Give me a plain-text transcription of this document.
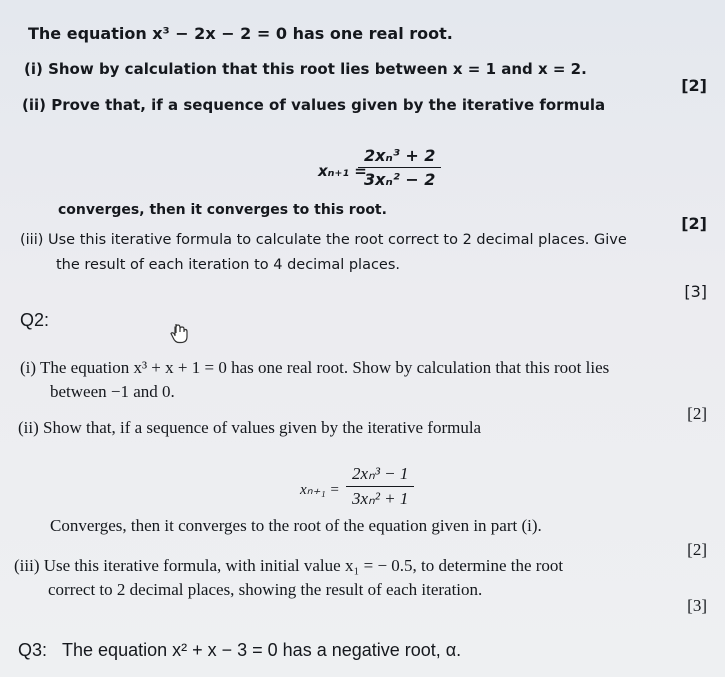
The equation x³ − 2x − 2 = 0 has one real root.
(i) Show by calculation that this root lies between x = 1 and x = 2.
[2]
(ii) Prove that, if a sequence of values given by the iterative formula
xₙ₊₁ =
$\frac{\text{2xₙ³ + 2}}{\text{3xₙ² − 2}}$
converges, then it converges to this root.
[2]
(iii) Use this iterative formula to calculate the root correct to 2 decimal places. Give
the result of each iteration to 4 decimal places.
[3]
Q2:
(i) The equation x³ + x + 1 = 0 has one real root. Show by calculation that this root lies
between −1 and 0.
[2]
(ii) Show that, if a sequence of values given by the iterative formula
$x_{n+1} = \frac{\text{2xₙ³ − 1}}{\text{3xₙ² + 1}}$
Converges, then it converges to the root of the equation given in part (i).
[2]
(iii) Use this iterative formula, with initial value x₁ = − 0.5, to determine the root
correct to 2 decimal places, showing the result of each iteration.
[3]
Q3: The equation x² + x − 3 = 0 has a negative root, α.
